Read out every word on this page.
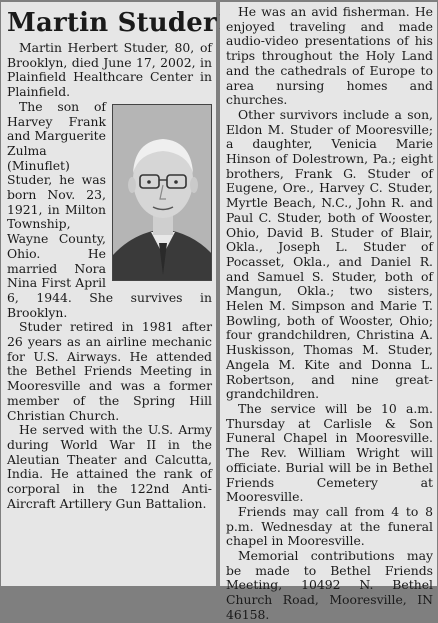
Martin Studer

Martin Herbert Studer, 80, of Brooklyn, died June 17, 2002, in Plainfield Healthcare Center in Plainfield.

The son of Harvey Frank and Marguerite Zulma (Minuflet) Studer, he was born Nov. 23, 1921, in Milton Township, Wayne County, Ohio. He married Nora Nina First April 6, 1944. She survives in Brooklyn.

Studer retired in 1981 after 26 years as an airline mechanic for U.S. Airways. He attended the Bethel Friends Meeting in Mooresville and was a former member of the Spring Hill Christian Church.

He served with the U.S. Army during World War II in the Aleutian Theater and Calcutta, India. He attained the rank of corporal in the 122nd Anti-Aircraft Artillery Gun Battalion.

He was an avid fisherman. He enjoyed traveling and made audio-video presentations of his trips throughout the Holy Land and the cathedrals of Europe to area nursing homes and churches.

Other survivors include a son, Eldon M. Studer of Mooresville; a daughter, Venicia Marie Hinson of Dolestrown, Pa.; eight brothers, Frank G. Studer of Eugene, Ore., Harvey C. Studer, Myrtle Beach, N.C., John R. and Paul C. Studer, both of Wooster, Ohio, David B. Studer of Blair, Okla., Joseph L. Studer of Pocasset, Okla., and Daniel R. and Samuel S. Studer, both of Mangun, Okla.; two sisters, Helen M. Simpson and Marie T. Bowling, both of Wooster, Ohio; four grandchildren, Christina A. Huskisson, Thomas M. Studer, Angela M. Kite and Donna L. Robertson, and nine great-grandchildren.

The service will be 10 a.m. Thursday at Carlisle & Son Funeral Chapel in Mooresville. The Rev. William Wright will officiate. Burial will be in Bethel Friends Cemetery at Mooresville.

Friends may call from 4 to 8 p.m. Wednesday at the funeral chapel in Mooresville.

Memorial contributions may be made to Bethel Friends Meeting, 10492 N. Bethel Church Road, Mooresville, IN 46158.
